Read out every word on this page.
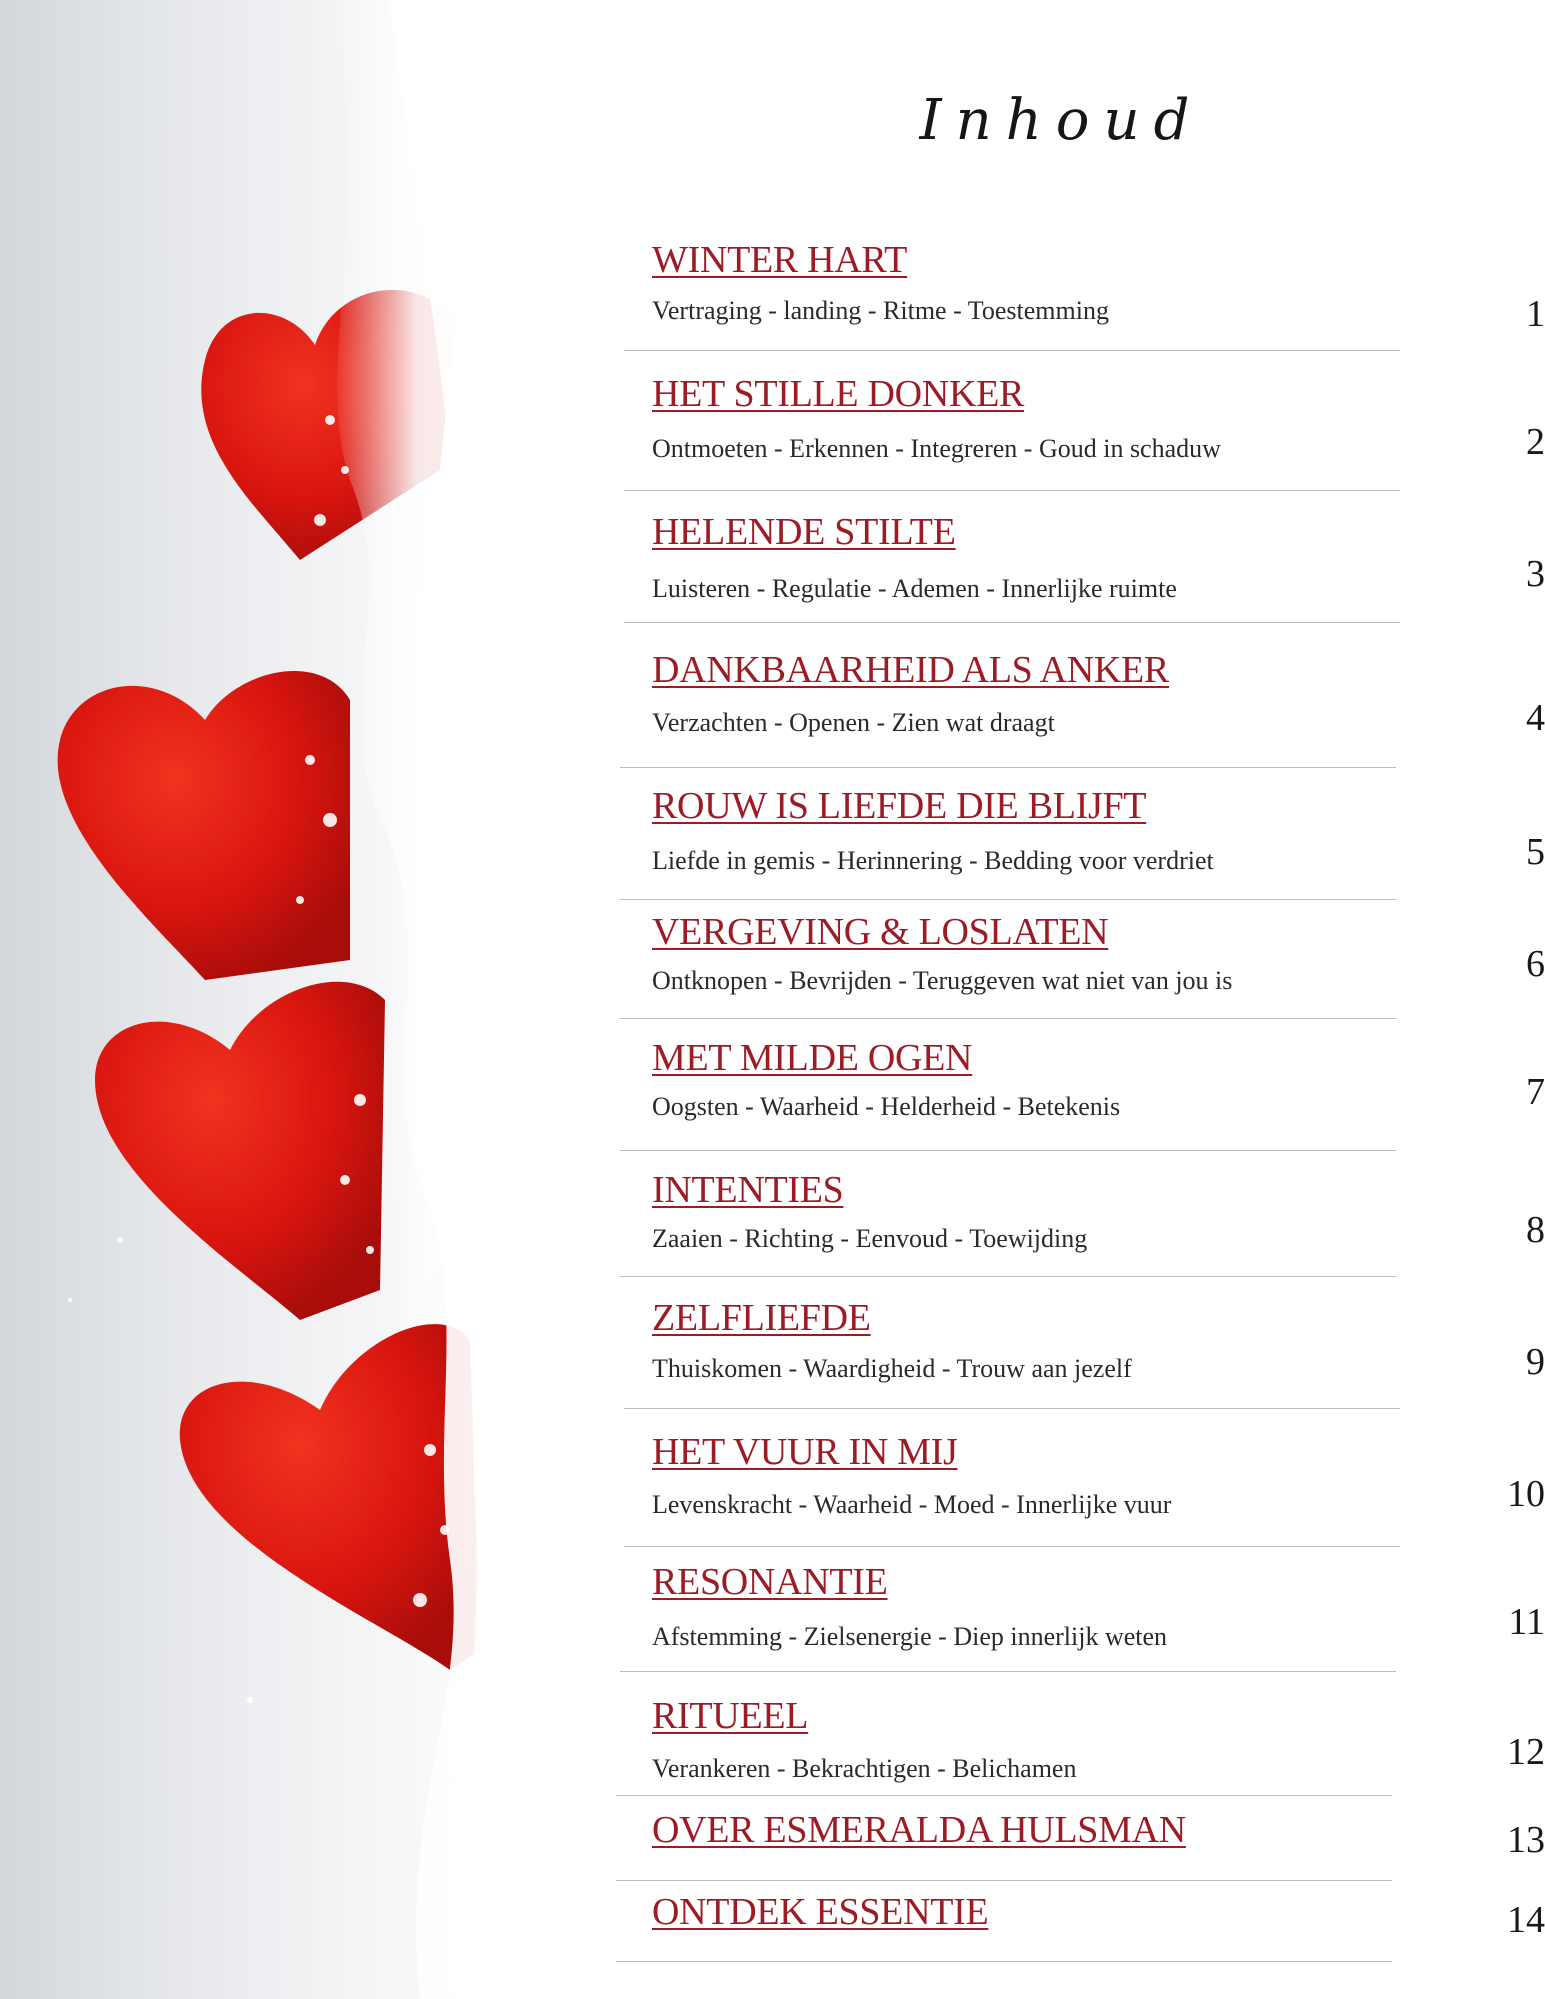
Inhoud
WINTER HART
Vertraging - landing - Ritme - Toestemming	1
HET STILLE DONKER
Ontmoeten - Erkennen - Integreren - Goud in schaduw	2
HELENDE STILTE
Luisteren - Regulatie - Ademen - Innerlijke ruimte	3
DANKBAARHEID ALS ANKER
Verzachten - Openen - Zien wat draagt	4
ROUW IS LIEFDE DIE BLIJFT
Liefde in gemis - Herinnering - Bedding voor verdriet	5
VERGEVING & LOSLATEN
Ontknopen - Bevrijden - Teruggeven wat niet van jou is	6
MET MILDE OGEN
Oogsten - Waarheid - Helderheid - Betekenis	7
INTENTIES
Zaaien - Richting - Eenvoud - Toewijding	8
ZELFLIEFDE
Thuiskomen - Waardigheid - Trouw aan jezelf	9
HET VUUR IN MIJ
Levenskracht - Waarheid - Moed - Innerlijke vuur	10
RESONANTIE
Afstemming - Zielsenergie - Diep innerlijk weten	11
RITUEEL
Verankeren - Bekrachtigen - Belichamen	12
OVER ESMERALDA HULSMAN	13
ONTDEK ESSENTIE	14
